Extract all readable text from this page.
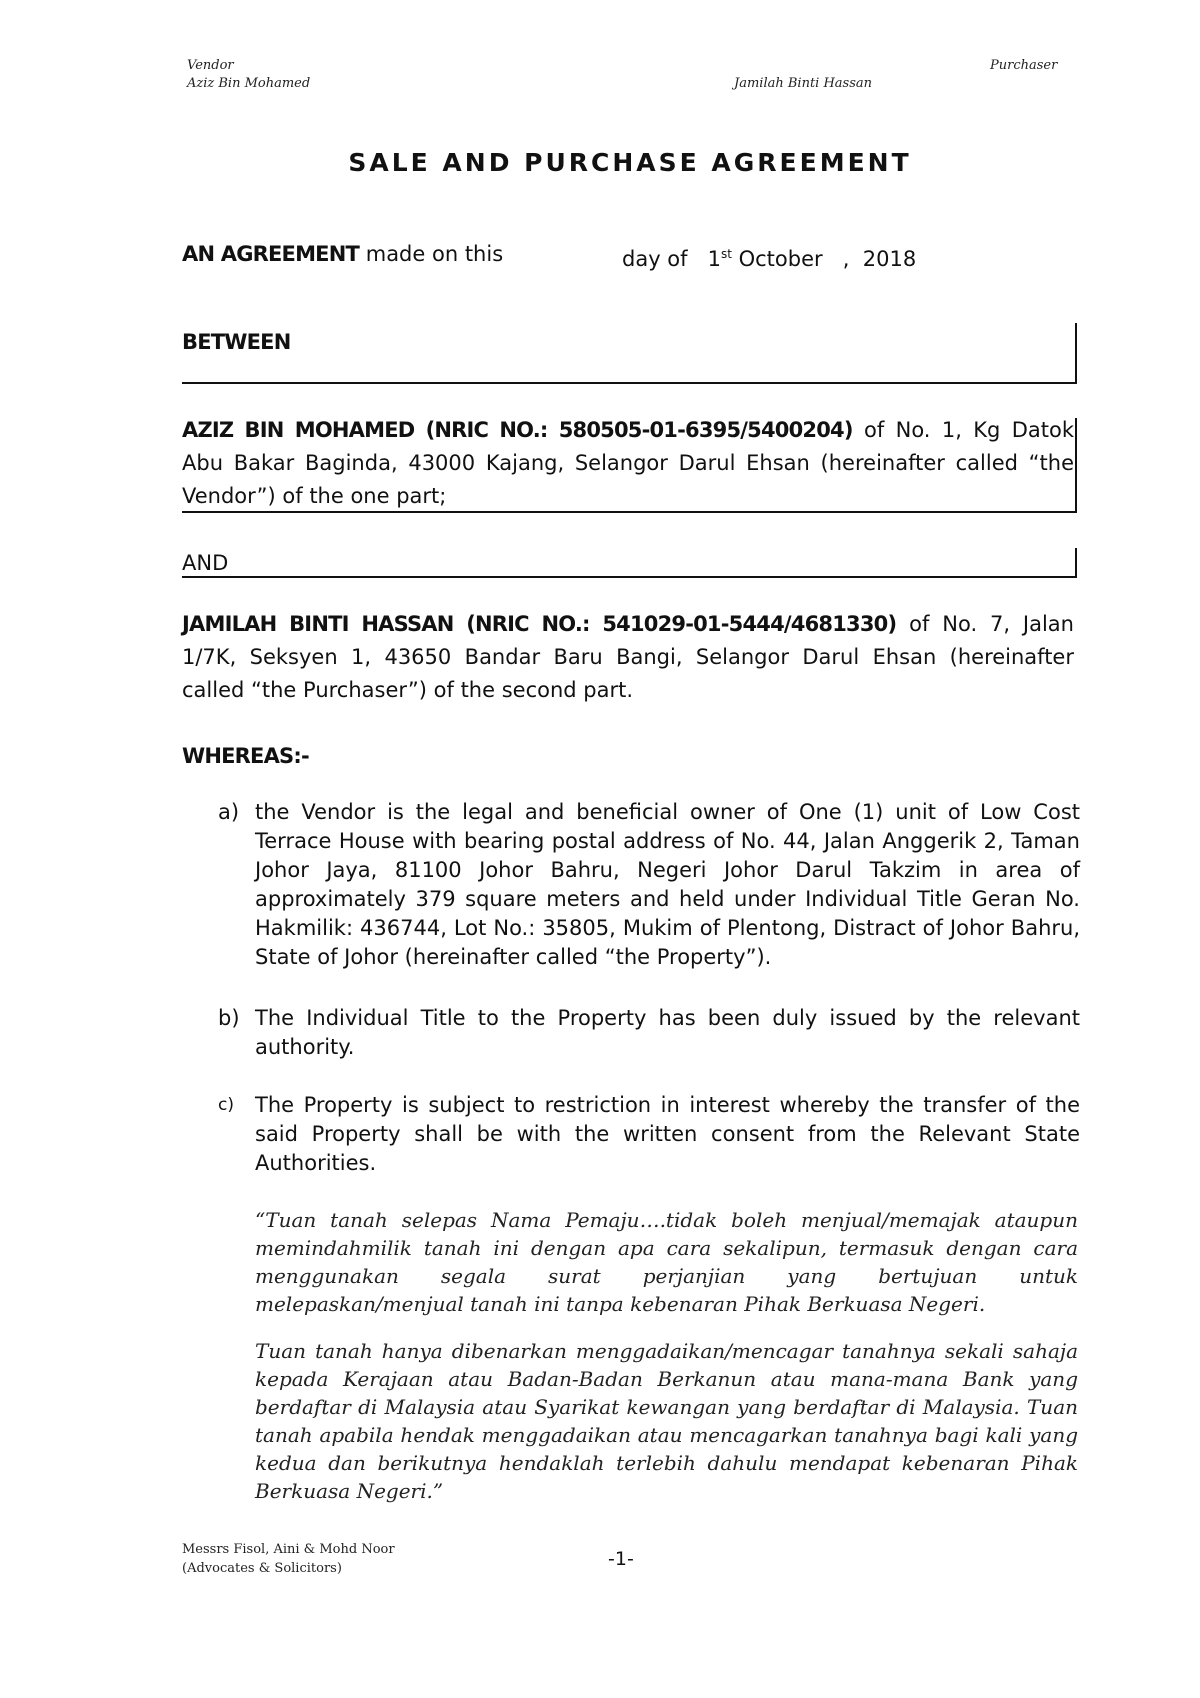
Vendor
Aziz Bin Mohamed
Purchaser
Jamilah Binti Hassan
SALE AND PURCHASE AGREEMENT
AN AGREEMENT made on this	day of 1st October , 2018
BETWEEN
AZIZ BIN MOHAMED (NRIC NO.: 580505-01-6395/5400204) of No. 1, Kg Datok Abu Bakar Baginda, 43000 Kajang, Selangor Darul Ehsan (hereinafter called “the Vendor”) of the one part;
AND
JAMILAH BINTI HASSAN (NRIC NO.: 541029-01-5444/4681330) of No. 7, Jalan 1/7K, Seksyen 1, 43650 Bandar Baru Bangi, Selangor Darul Ehsan (hereinafter called “the Purchaser”) of the second part.
WHEREAS:-
a) the Vendor is the legal and beneficial owner of One (1) unit of Low Cost Terrace House with bearing postal address of No. 44, Jalan Anggerik 2, Taman Johor Jaya, 81100 Johor Bahru, Negeri Johor Darul Takzim in area of approximately 379 square meters and held under Individual Title Geran No. Hakmilik: 436744, Lot No.: 35805, Mukim of Plentong, Distract of Johor Bahru, State of Johor (hereinafter called “the Property”).
b) The Individual Title to the Property has been duly issued by the relevant authority.
c) The Property is subject to restriction in interest whereby the transfer of the said Property shall be with the written consent from the Relevant State Authorities.
“Tuan tanah selepas Nama Pemaju….tidak boleh menjual/memajak ataupun memindahmilik tanah ini dengan apa cara sekalipun, termasuk dengan cara menggunakan segala surat perjanjian yang bertujuan untuk melepaskan/menjual tanah ini tanpa kebenaran Pihak Berkuasa Negeri.
Tuan tanah hanya dibenarkan menggadaikan/mencagar tanahnya sekali sahaja kepada Kerajaan atau Badan-Badan Berkanun atau mana-mana Bank yang berdaftar di Malaysia atau Syarikat kewangan yang berdaftar di Malaysia. Tuan tanah apabila hendak menggadaikan atau mencagarkan tanahnya bagi kali yang kedua dan berikutnya hendaklah terlebih dahulu mendapat kebenaran Pihak Berkuasa Negeri.”
Messrs Fisol, Aini & Mohd Noor
(Advocates & Solicitors)	-1-
